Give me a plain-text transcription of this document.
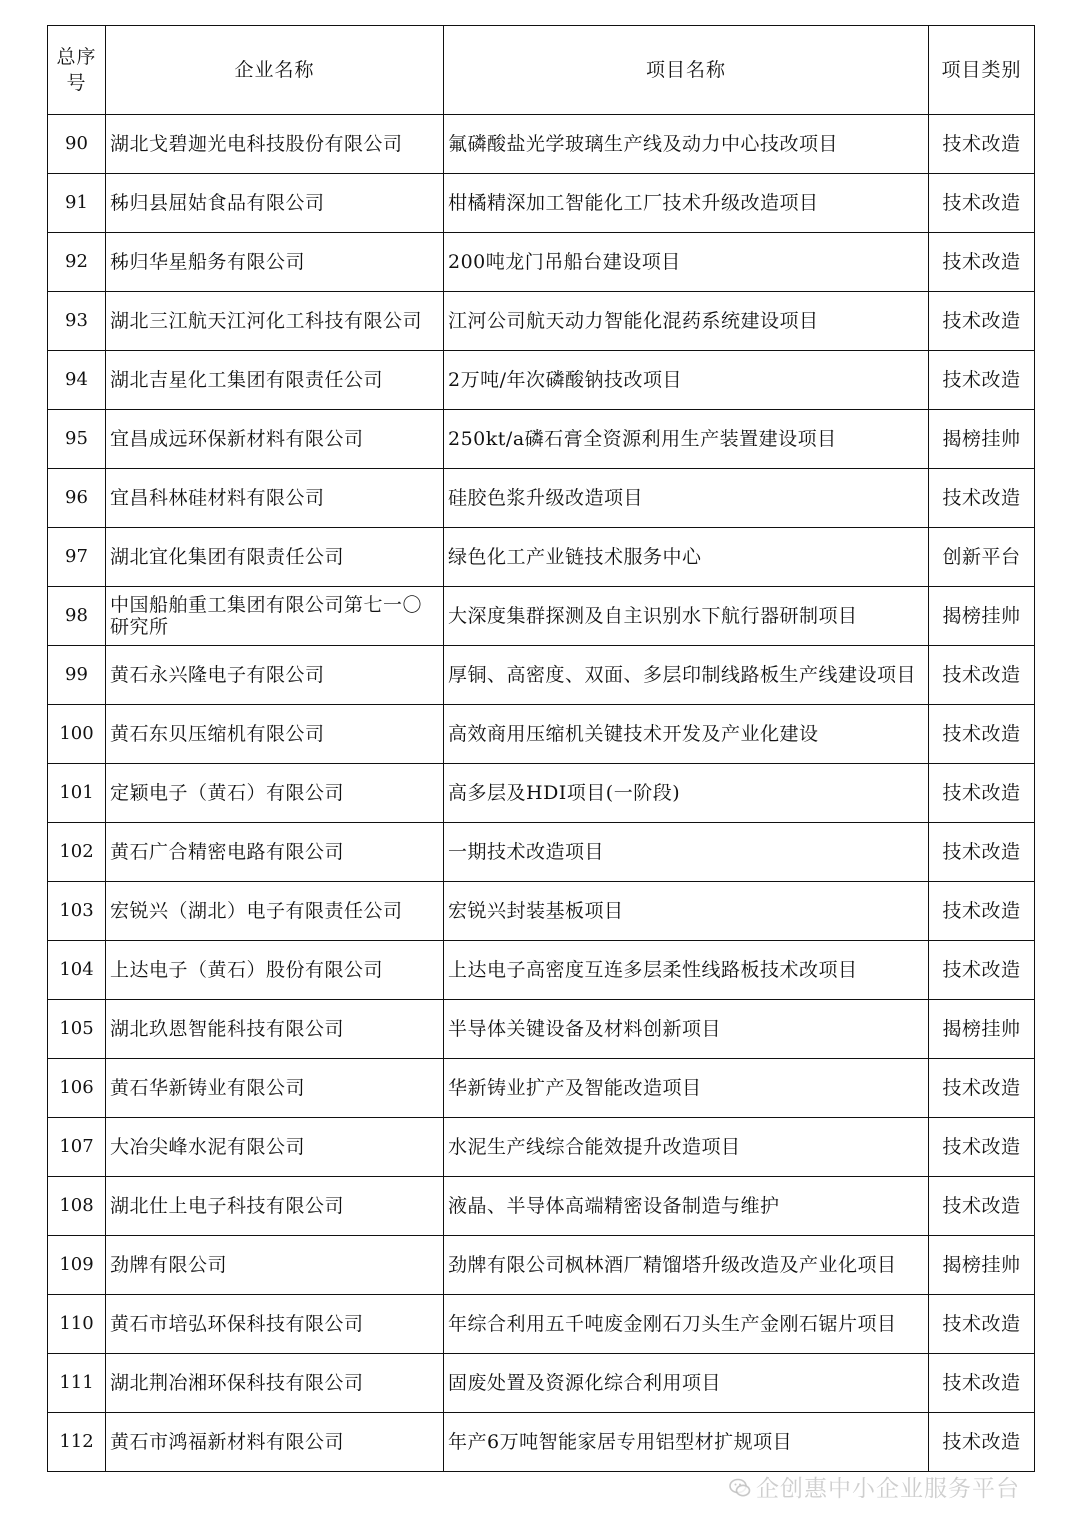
总序号	企业名称	项目名称	项目类别
90	湖北戈碧迦光电科技股份有限公司	氟磷酸盐光学玻璃生产线及动力中心技改项目	技术改造
91	秭归县屈姑食品有限公司	柑橘精深加工智能化工厂技术升级改造项目	技术改造
92	秭归华星船务有限公司	200吨龙门吊船台建设项目	技术改造
93	湖北三江航天江河化工科技有限公司	江河公司航天动力智能化混药系统建设项目	技术改造
94	湖北吉星化工集团有限责任公司	2万吨/年次磷酸钠技改项目	技术改造
95	宜昌成远环保新材料有限公司	250kt/a磷石膏全资源利用生产装置建设项目	揭榜挂帅
96	宜昌科林硅材料有限公司	硅胶色浆升级改造项目	技术改造
97	湖北宜化集团有限责任公司	绿色化工产业链技术服务中心	创新平台
98	中国船舶重工集团有限公司第七一〇研究所	大深度集群探测及自主识别水下航行器研制项目	揭榜挂帅
99	黄石永兴隆电子有限公司	厚铜、高密度、双面、多层印制线路板生产线建设项目	技术改造
100	黄石东贝压缩机有限公司	高效商用压缩机关键技术开发及产业化建设	技术改造
101	定颖电子（黄石）有限公司	高多层及HDI项目(一阶段)	技术改造
102	黄石广合精密电路有限公司	一期技术改造项目	技术改造
103	宏锐兴（湖北）电子有限责任公司	宏锐兴封装基板项目	技术改造
104	上达电子（黄石）股份有限公司	上达电子高密度互连多层柔性线路板技术改项目	技术改造
105	湖北玖恩智能科技有限公司	半导体关键设备及材料创新项目	揭榜挂帅
106	黄石华新铸业有限公司	华新铸业扩产及智能改造项目	技术改造
107	大冶尖峰水泥有限公司	水泥生产线综合能效提升改造项目	技术改造
108	湖北仕上电子科技有限公司	液晶、半导体高端精密设备制造与维护	技术改造
109	劲牌有限公司	劲牌有限公司枫林酒厂精馏塔升级改造及产业化项目	揭榜挂帅
110	黄石市培弘环保科技有限公司	年综合利用五千吨废金刚石刀头生产金刚石锯片项目	技术改造
111	湖北荆冶湘环保科技有限公司	固废处置及资源化综合利用项目	技术改造
112	黄石市鸿福新材料有限公司	年产6万吨智能家居专用铝型材扩规项目	技术改造
企创惠中小企业服务平台
